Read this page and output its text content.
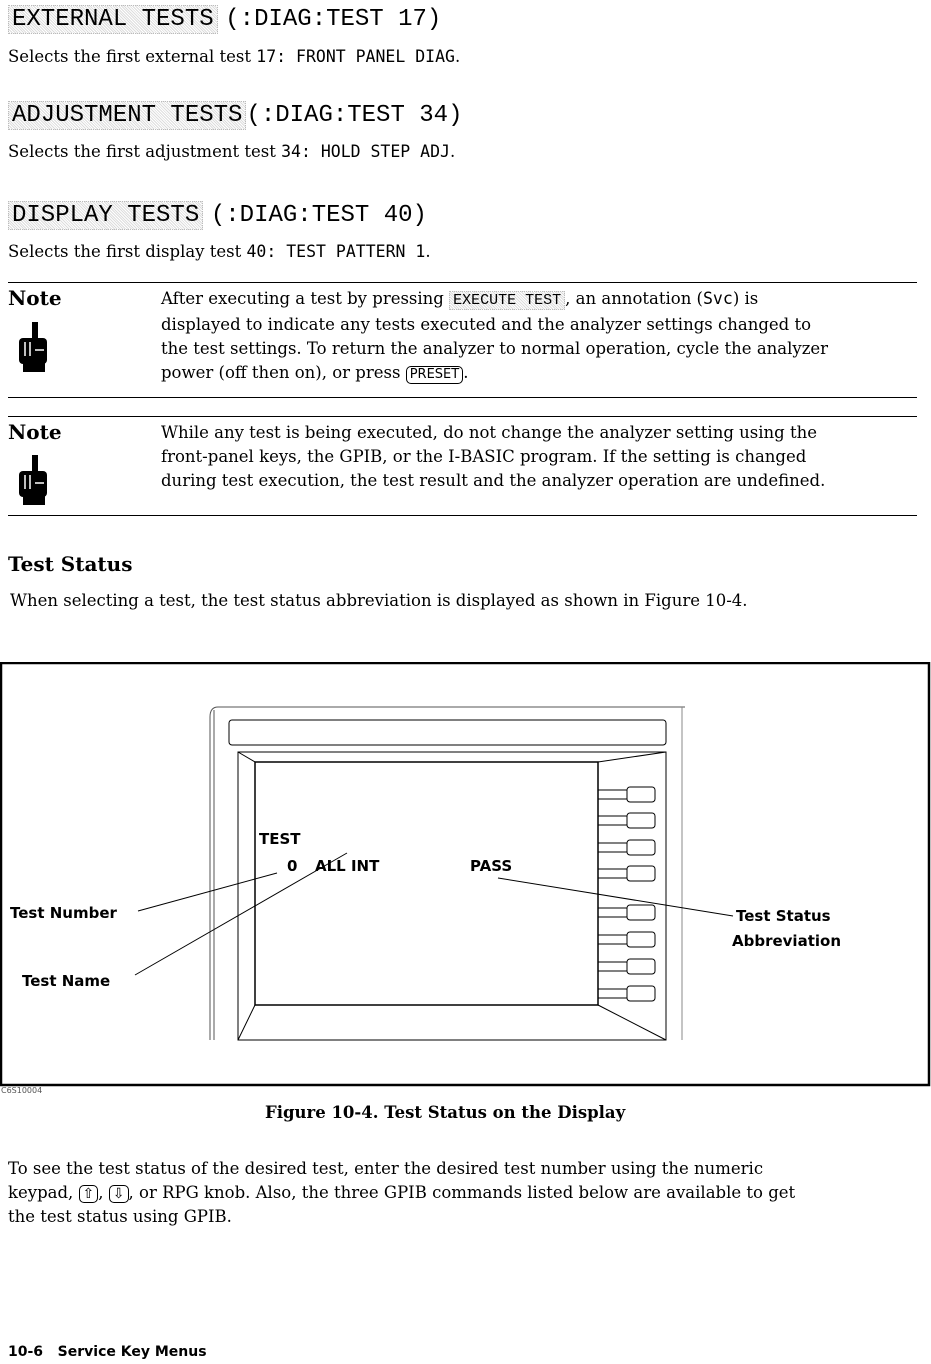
EXTERNAL TESTS (:DIAG:TEST 17)
Selects the first external test 17: FRONT PANEL DIAG.
ADJUSTMENT TESTS (:DIAG:TEST 34)
Selects the first adjustment test 34: HOLD STEP ADJ.
DISPLAY TESTS (:DIAG:TEST 40)
Selects the first display test 40: TEST PATTERN 1.
Note	After executing a test by pressing EXECUTE TEST , an annotation (Svc) is
displayed to indicate any tests executed and the analyzer settings changed to
the test settings. To return the analyzer to normal operation, cycle the analyzer
power (off then on), or press PRESET .
Note	While any test is being executed, do not change the analyzer setting using the
front-panel keys, the GPIB, or the I-BASIC program. If the setting is changed
during test execution, the test result and the analyzer operation are undefined.
Test Status
When selecting a test, the test status abbreviation is displayed as shown in Figure 10-4.
TEST
0 ALL INT	PASS
Test Number
Test Name
Test Status
Abbreviation
C6S10004
Figure 10-4. Test Status on the Display
To see the test status of the desired test, enter the desired test number using the numeric
keypad, ⇧ , ⇩ , or RPG knob. Also, the three GPIB commands listed below are available to get
the test status using GPIB.
10-6 Service Key Menus
